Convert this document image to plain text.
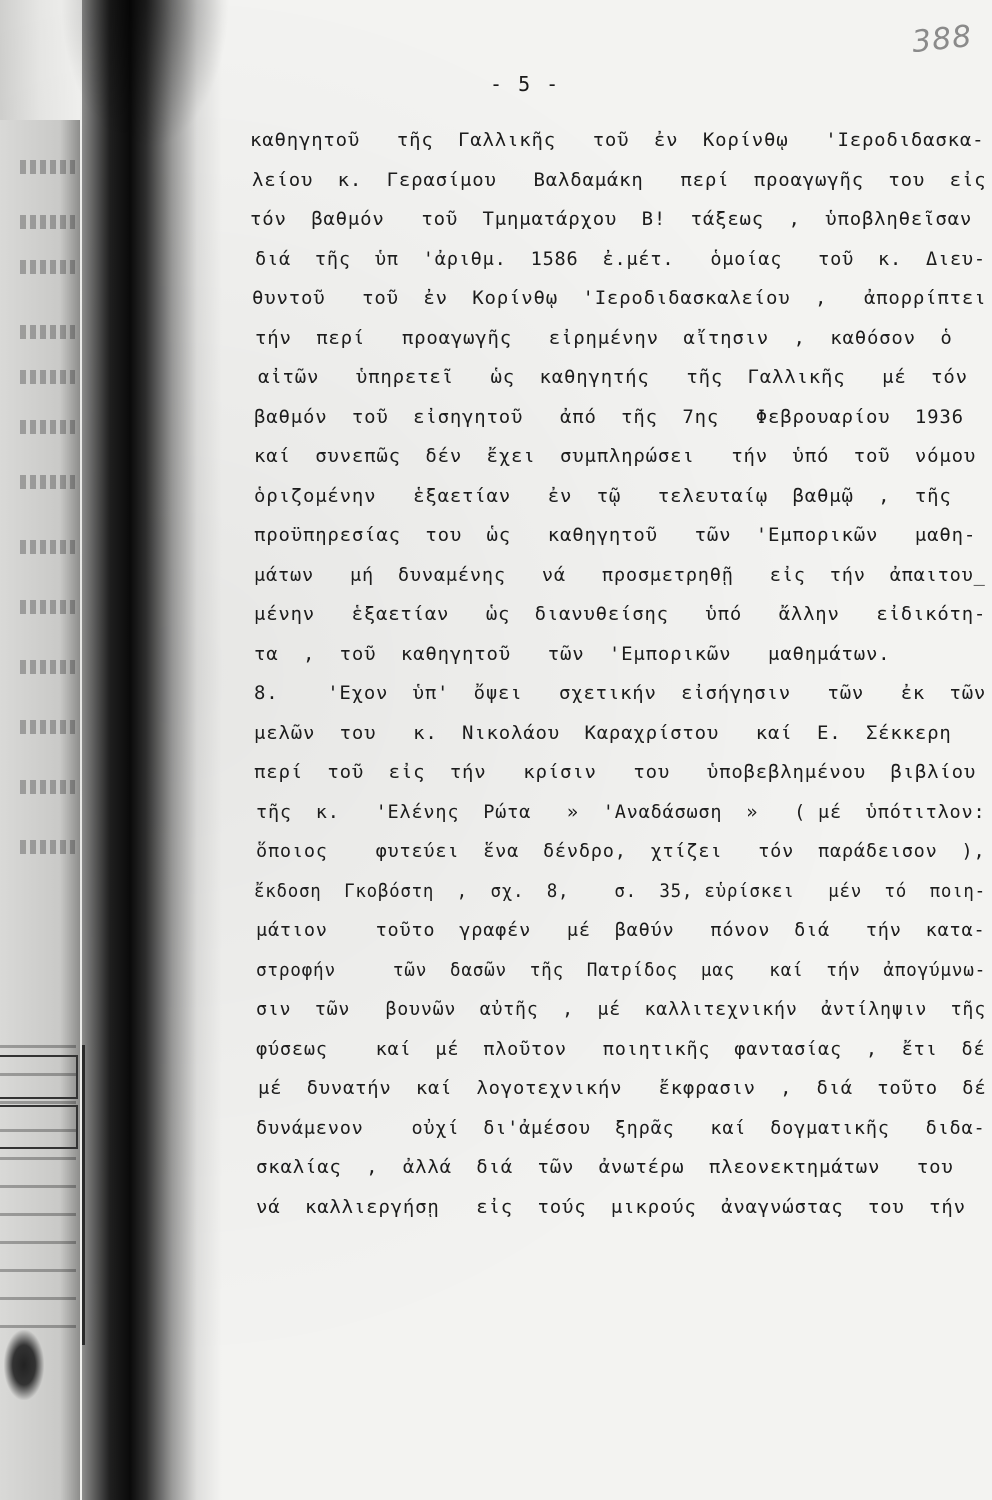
388
- 5 -
καθηγητοῦ   τῆς  Γαλλικῆς   τοῦ  ἐν  Κορίνθῳ   'Ιεροδιδασκα-
λείου  κ.  Γερασίμου   Βαλδαμάκη   περί  προαγωγῆς  του  εἰς
τόν  βαθμόν   τοῦ  Τμηματάρχου  Β!  τάξεως  ,  ὑποβληθεῖσαν
διά  τῆς  ὑπ  'ἀριθμ.  1586  ἐ.μέτ.   ὁμοίας   τοῦ  κ.  Διευ-
θυντοῦ   τοῦ  ἐν  Κορίνθῳ  'Ιεροδιδασκαλείου  ,   ἀπορρίπτει
τήν  περί   προαγωγῆς   εἰρημένην  αἴτησιν  ,  καθόσον  ὁ
αἰτῶν   ὑπηρετεῖ   ὡς  καθηγητής   τῆς  Γαλλικῆς   μέ  τόν
βαθμόν  τοῦ  εἰσηγητοῦ   ἀπό  τῆς  7ης   Φεβρουαρίου  1936
καί  συνεπῶς  δέν  ἔχει  συμπληρώσει   τήν  ὑπό  τοῦ  νόμου
ὁριζομένην   ἑξαετίαν   ἐν  τῷ   τελευταίῳ  βαθμῷ  ,  τῆς
προϋπηρεσίας  του  ὡς   καθηγητοῦ   τῶν  'Εμπορικῶν   μαθη-
μάτων   μή  δυναμένης   νά   προσμετρηθῇ   εἰς  τήν  ἀπαιτου_
μένην   ἑξαετίαν   ὡς  διανυθείσης   ὑπό   ἄλλην   εἰδικότη-
τα  ,  τοῦ  καθηγητοῦ   τῶν  'Εμπορικῶν   μαθημάτων.
8.    'Εχον  ὑπ'  ὄψει   σχετικήν  εἰσήγησιν   τῶν   ἐκ  τῶν
μελῶν  του   κ.  Νικολάου  Καραχρίστου   καί  Ε.  Σέκκερη
περί  τοῦ  εἰς  τήν   κρίσιν   του   ὑποβεβλημένου  βιβλίου
τῆς  κ.   'Ελένης  Ρώτα   »  'Αναδάσωση  »   ( μέ  ὑπότιτλον:
ὅποιος    φυτεύει  ἕνα  δένδρο,  χτίζει   τόν  παράδεισον  ),
ἔκδοση  Γκοβόστη  ,  σχ.  8,    σ.  35, εὑρίσκει   μέν  τό  ποιη-
μάτιον    τοῦτο  γραφέν   μέ  βαθύν   πόνον  διά   τήν  κατα-
στροφήν     τῶν  δασῶν  τῆς  Πατρίδος  μας   καί  τήν  ἀπογύμνω-
σιν  τῶν   βουνῶν  αὐτῆς  ,  μέ  καλλιτεχνικήν  ἀντίληψιν  τῆς
φύσεως    καί  μέ  πλοῦτον   ποιητικῆς  φαντασίας  ,  ἔτι  δέ
μέ  δυνατήν  καί  λογοτεχνικήν   ἔκφρασιν  ,  διά  τοῦτο  δέ
δυνάμενον    οὐχί  δι'ἀμέσου  ξηρᾶς   καί  δογματικῆς   διδα-
σκαλίας  ,  ἀλλά  διά  τῶν  ἀνωτέρω  πλεονεκτημάτων   του
νά  καλλιεργήσῃ   εἰς  τούς  μικρούς  ἀναγνώστας  του  τήν
